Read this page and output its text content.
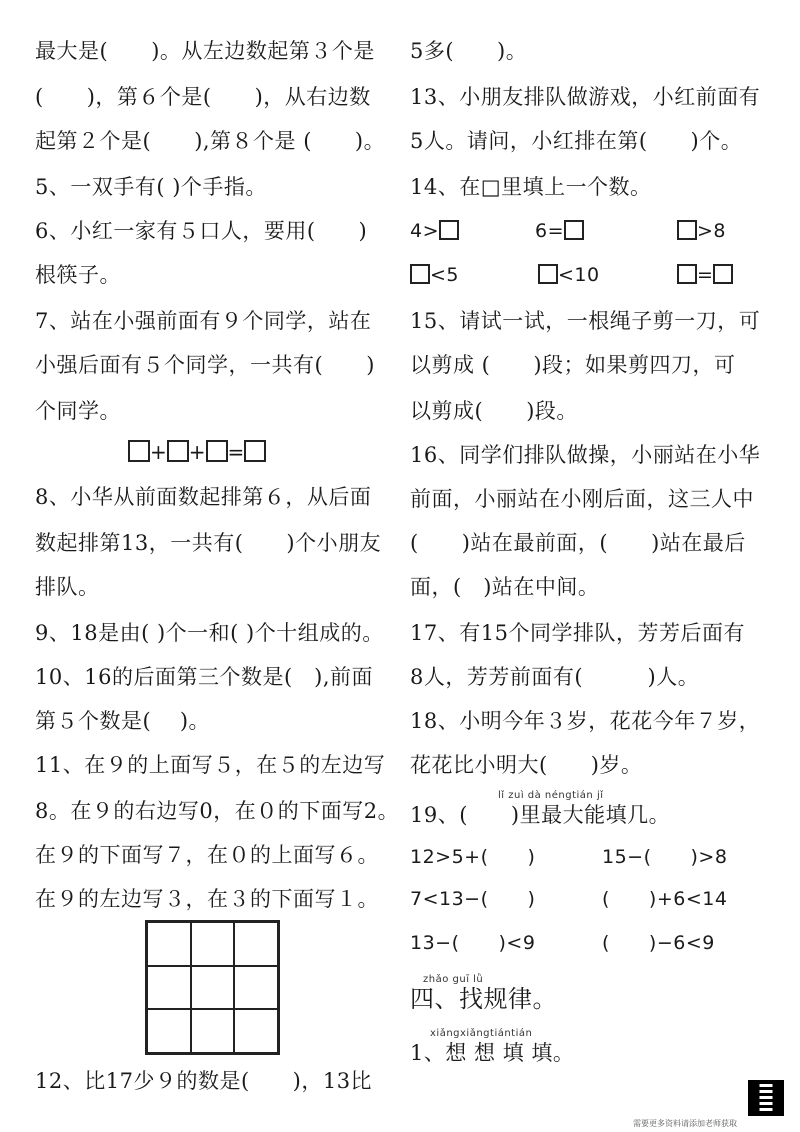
最大是(　　)。从左边数起第３个是
(　　)，第６个是(　　)，从右边数
起第２个是(　　),第８个是 (　　)。
5、一双手有( )个手指。
6、小红一家有５口人，要用(　　)
根筷子。
7、站在小强前面有９个同学，站在
小强后面有５个同学，一共有(　　)
个同学。
+ + =
8、小华从前面数起排第６，从后面
数起排第13，一共有(　　)个小朋友
排队。
9、18是由( )个一和( )个十组成的。
10、16的后面第三个数是(　),前面
第５个数是(　 )。
11、在９的上面写５，在５的左边写
8。在９的右边写0，在０的下面写2。
在９的下面写７，在０的上面写６。
在９的左边写３，在３的下面写１。
12、比17少９的数是(　　)，13比
5多(　　)。
13、小朋友排队做游戏，小红前面有
5人。请问，小红排在第(　　)个。
14、在□里填上一个数。
4>	6=	>8
<5	<10	=
15、请试一试，一根绳子剪一刀，可
以剪成 (　　)段；如果剪四刀，可
以剪成(　　)段。
16、同学们排队做操，小丽站在小华
前面，小丽站在小刚后面，这三人中
(　　)站在最前面，(　　)站在最后
面，(　)站在中间。
17、有15个同学排队，芳芳后面有
8人，芳芳前面有(　　　)人。
18、小明今年３岁，花花今年７岁，
花花比小明大(　　)岁。
lǐ zuì dà néngtián jǐ
19、(　　)里最大能填几。
12>5+(　　)	15−(　　)>8
7<13−(　　)	(　　)+6<14
13−(　　)<9	(　　)−6<9
zhǎo guī lǜ
四、找规律。
xiǎngxiǎngtiántián
1、想 想 填 填。
需要更多资料请添加老师获取
